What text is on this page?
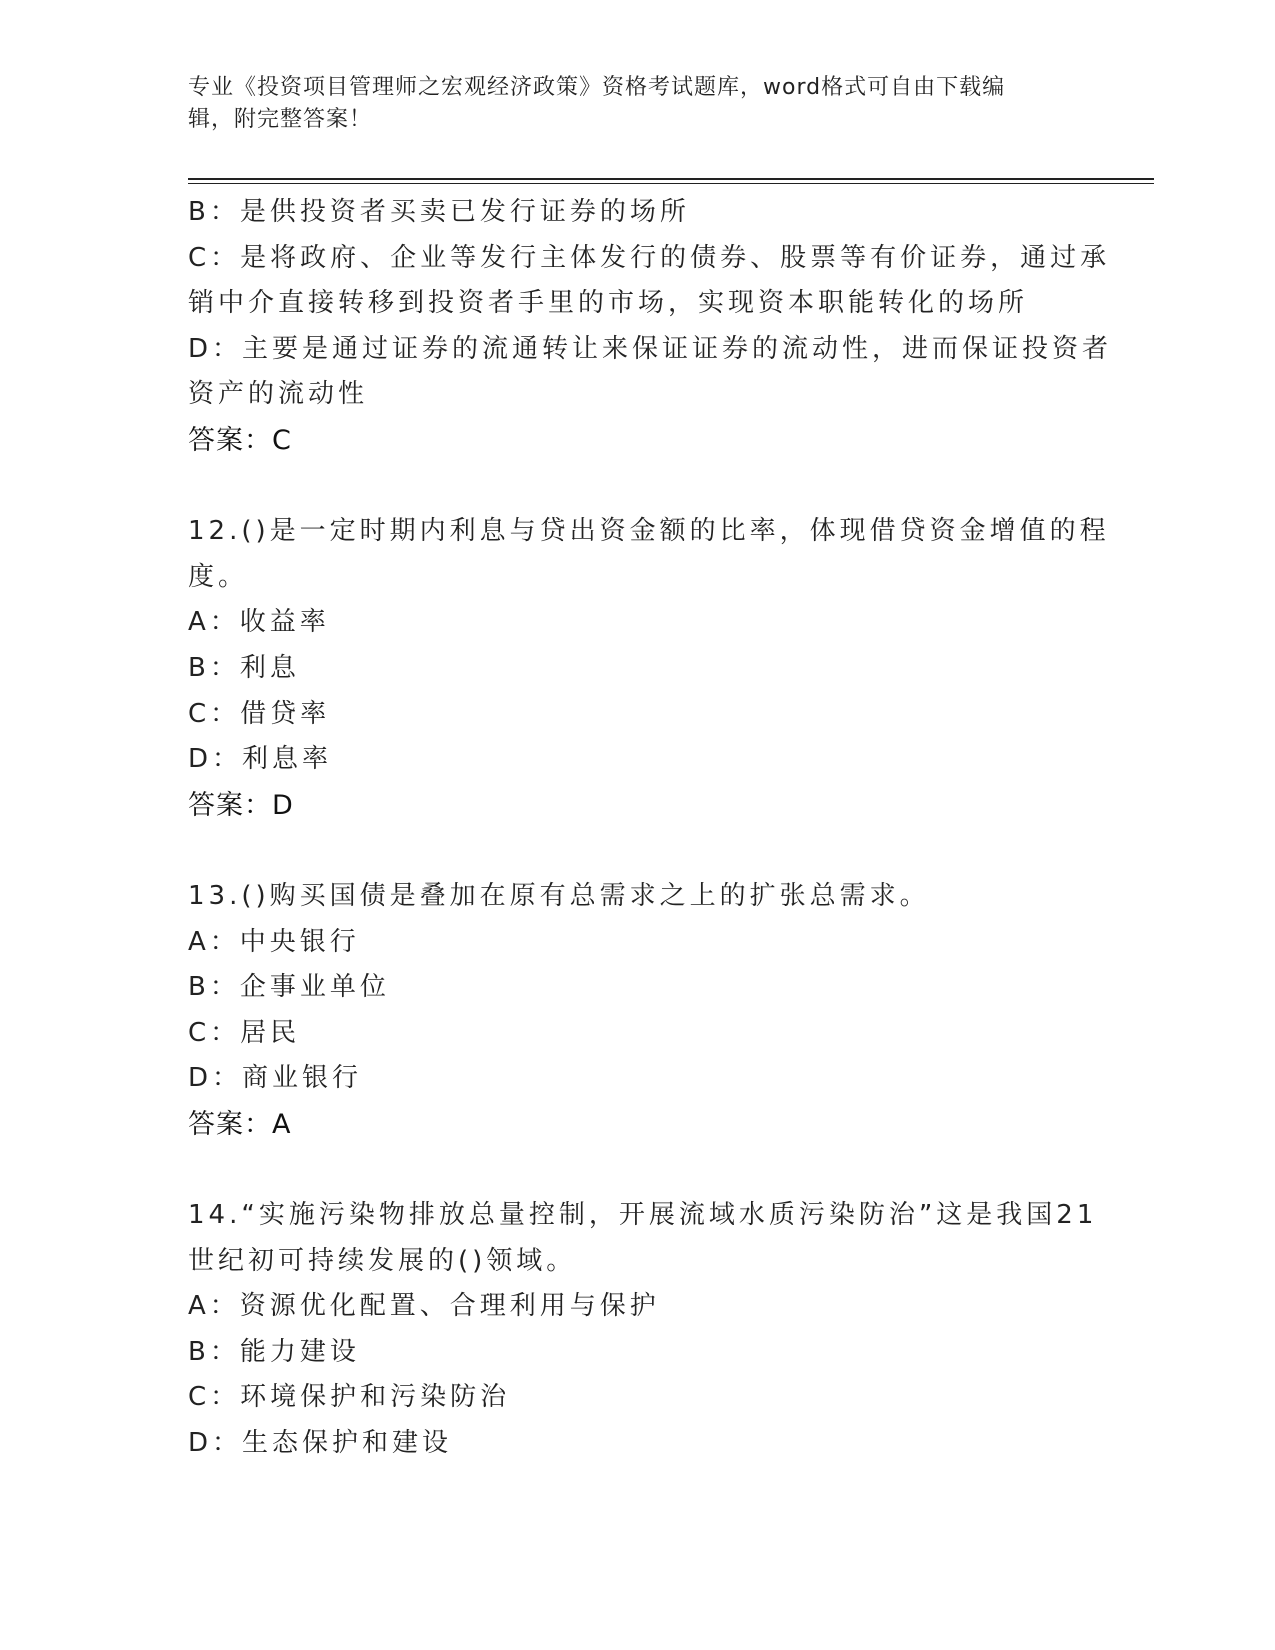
专业《投资项目管理师之宏观经济政策》资格考试题库，word格式可自由下载编
辑，附完整答案！
B：是供投资者买卖已发行证券的场所
C：是将政府、企业等发行主体发行的债券、股票等有价证券，通过承
销中介直接转移到投资者手里的市场，实现资本职能转化的场所
D：主要是通过证券的流通转让来保证证券的流动性，进而保证投资者
资产的流动性
答案：C
12.()是一定时期内利息与贷出资金额的比率，体现借贷资金增值的程
度。
A：收益率
B：利息
C：借贷率
D：利息率
答案：D
13.()购买国债是叠加在原有总需求之上的扩张总需求。
A：中央银行
B：企事业单位
C：居民
D：商业银行
答案：A
14.“实施污染物排放总量控制，开展流域水质污染防治”这是我国21
世纪初可持续发展的()领域。
A：资源优化配置、合理利用与保护
B：能力建设
C：环境保护和污染防治
D：生态保护和建设
